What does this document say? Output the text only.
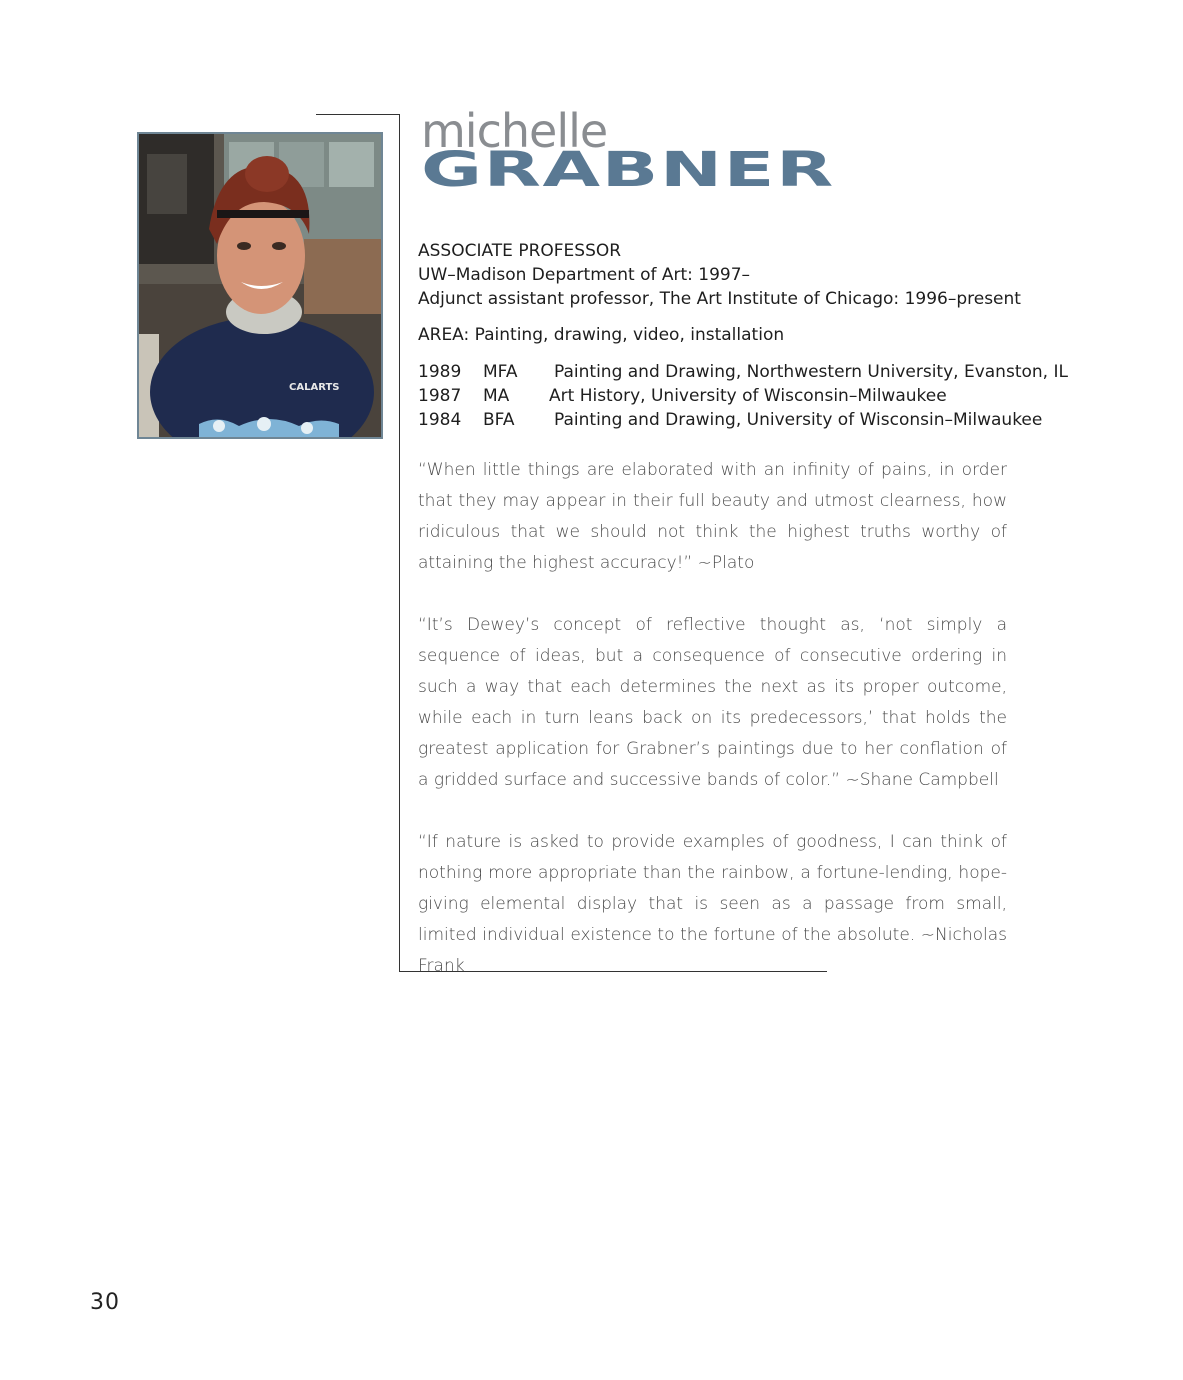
CALARTS
michelle
GRABNER
ASSOCIATE PROFESSOR
UW–Madison Department of Art: 1997–
Adjunct assistant professor, The Art Institute of Chicago: 1996–present
AREA: Painting, drawing, video, installation
1989 MFA Painting and Drawing, Northwestern University, Evanston, IL
1987 MA Art History, University of Wisconsin–Milwaukee
1984 BFA Painting and Drawing, University of Wisconsin–Milwaukee

“When little things are elaborated with an infinity of pains, in order that they may appear in their full beauty and utmost clearness, how ridiculous that we should not think the highest truths worthy of attaining the highest accuracy!” ~Plato

“It’s Dewey’s concept of reflective thought as, ‘not simply a sequence of ideas, but a consequence of consecutive ordering in such a way that each determines the next as its proper outcome, while each in turn leans back on its predecessors,’ that holds the greatest application for Grabner’s paintings due to her conflation of a gridded surface and successive bands of color.” ~Shane Campbell

“If nature is asked to provide examples of goodness, I can think of nothing more appropriate than the rainbow, a fortune-lending, hope-giving elemental display that is seen as a passage from small, limited individual existence to the fortune of the absolute. ~Nicholas Frank

30
